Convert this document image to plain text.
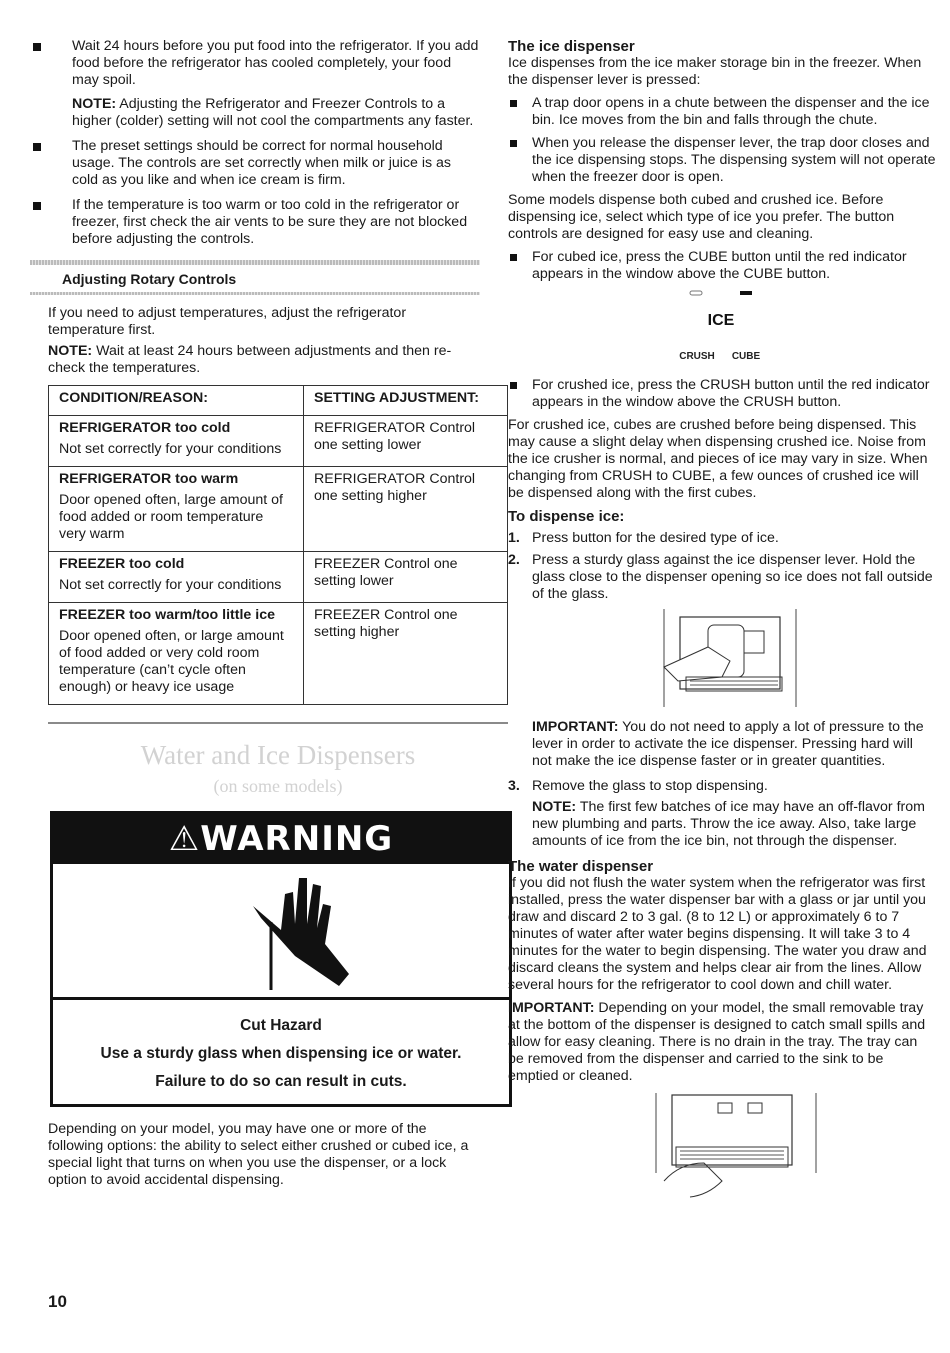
Wait 24 hours before you put food into the refrigerator. If you add food before the refrigerator has cooled completely, your food may spoil.

NOTE: Adjusting the Refrigerator and Freezer Controls to a higher (colder) setting will not cool the compartments any faster.

The preset settings should be correct for normal household usage. The controls are set correctly when milk or juice is as cold as you like and when ice cream is firm.

If the temperature is too warm or too cold in the refrigerator or freezer, first check the air vents to be sure they are not blocked before adjusting the controls.

Adjusting Rotary Controls

If you need to adjust temperatures, adjust the refrigerator temperature first.

NOTE: Wait at least 24 hours between adjustments and then re-check the temperatures.

CONDITION/REASON:	SETTING ADJUSTMENT:

REFRIGERATOR too cold
Not set correctly for your conditions	REFRIGERATOR Control one setting lower

REFRIGERATOR too warm
Door opened often, large amount of food added or room temperature very warm	REFRIGERATOR Control one setting higher

FREEZER too cold
Not set correctly for your conditions	FREEZER Control one setting lower

FREEZER too warm/too little ice
Door opened often, or large amount of food added or very cold room temperature (can’t cycle often enough) or heavy ice usage	FREEZER Control one setting higher
Water and Ice Dispensers
(on some models)
⚠WARNING
Cut Hazard
Use a sturdy glass when dispensing ice or water.
Failure to do so can result in cuts.

Depending on your model, you may have one or more of the following options: the ability to select either crushed or cubed ice, a special light that turns on when you use the dispenser, or a lock option to avoid accidental dispensing.

10
The ice dispenser

Ice dispenses from the ice maker storage bin in the freezer. When the dispenser lever is pressed:

A trap door opens in a chute between the dispenser and the ice bin. Ice moves from the bin and falls through the chute.
When you release the dispenser lever, the trap door closes and the ice dispensing stops. The dispensing system will not operate when the freezer door is open.

Some models dispense both cubed and crushed ice. Before dispensing ice, select which type of ice you prefer. The button controls are designed for easy use and cleaning.

For cubed ice, press the CUBE button until the red indicator appears in the window above the CUBE button.
ICE
CRUSH CUBE
For crushed ice, press the CRUSH button until the red indicator appears in the window above the CRUSH button.

For crushed ice, cubes are crushed before being dispensed. This may cause a slight delay when dispensing crushed ice. Noise from the ice crusher is normal, and pieces of ice may vary in size. When changing from CRUSH to CUBE, a few ounces of crushed ice will be dispensed along with the first cubes.

To dispense ice:
1. Press button for the desired type of ice.
2. Press a sturdy glass against the ice dispenser lever. Hold the glass close to the dispenser opening so ice does not fall outside of the glass.

IMPORTANT: You do not need to apply a lot of pressure to the lever in order to activate the ice dispenser. Pressing hard will not make the ice dispense faster or in greater quantities.

3. Remove the glass to stop dispensing.

NOTE: The first few batches of ice may have an off-flavor from new plumbing and parts. Throw the ice away. Also, take large amounts of ice from the ice bin, not through the dispenser.

The water dispenser

If you did not flush the water system when the refrigerator was first installed, press the water dispenser bar with a glass or jar until you draw and discard 2 to 3 gal. (8 to 12 L) or approximately 6 to 7 minutes of water after water begins dispensing. It will take 3 to 4 minutes for the water to begin dispensing. The water you draw and discard cleans the system and helps clear air from the lines. Allow several hours for the refrigerator to cool down and chill water.

IMPORTANT: Depending on your model, the small removable tray at the bottom of the dispenser is designed to catch small spills and allow for easy cleaning. There is no drain in the tray. The tray can be removed from the dispenser and carried to the sink to be emptied or cleaned.
